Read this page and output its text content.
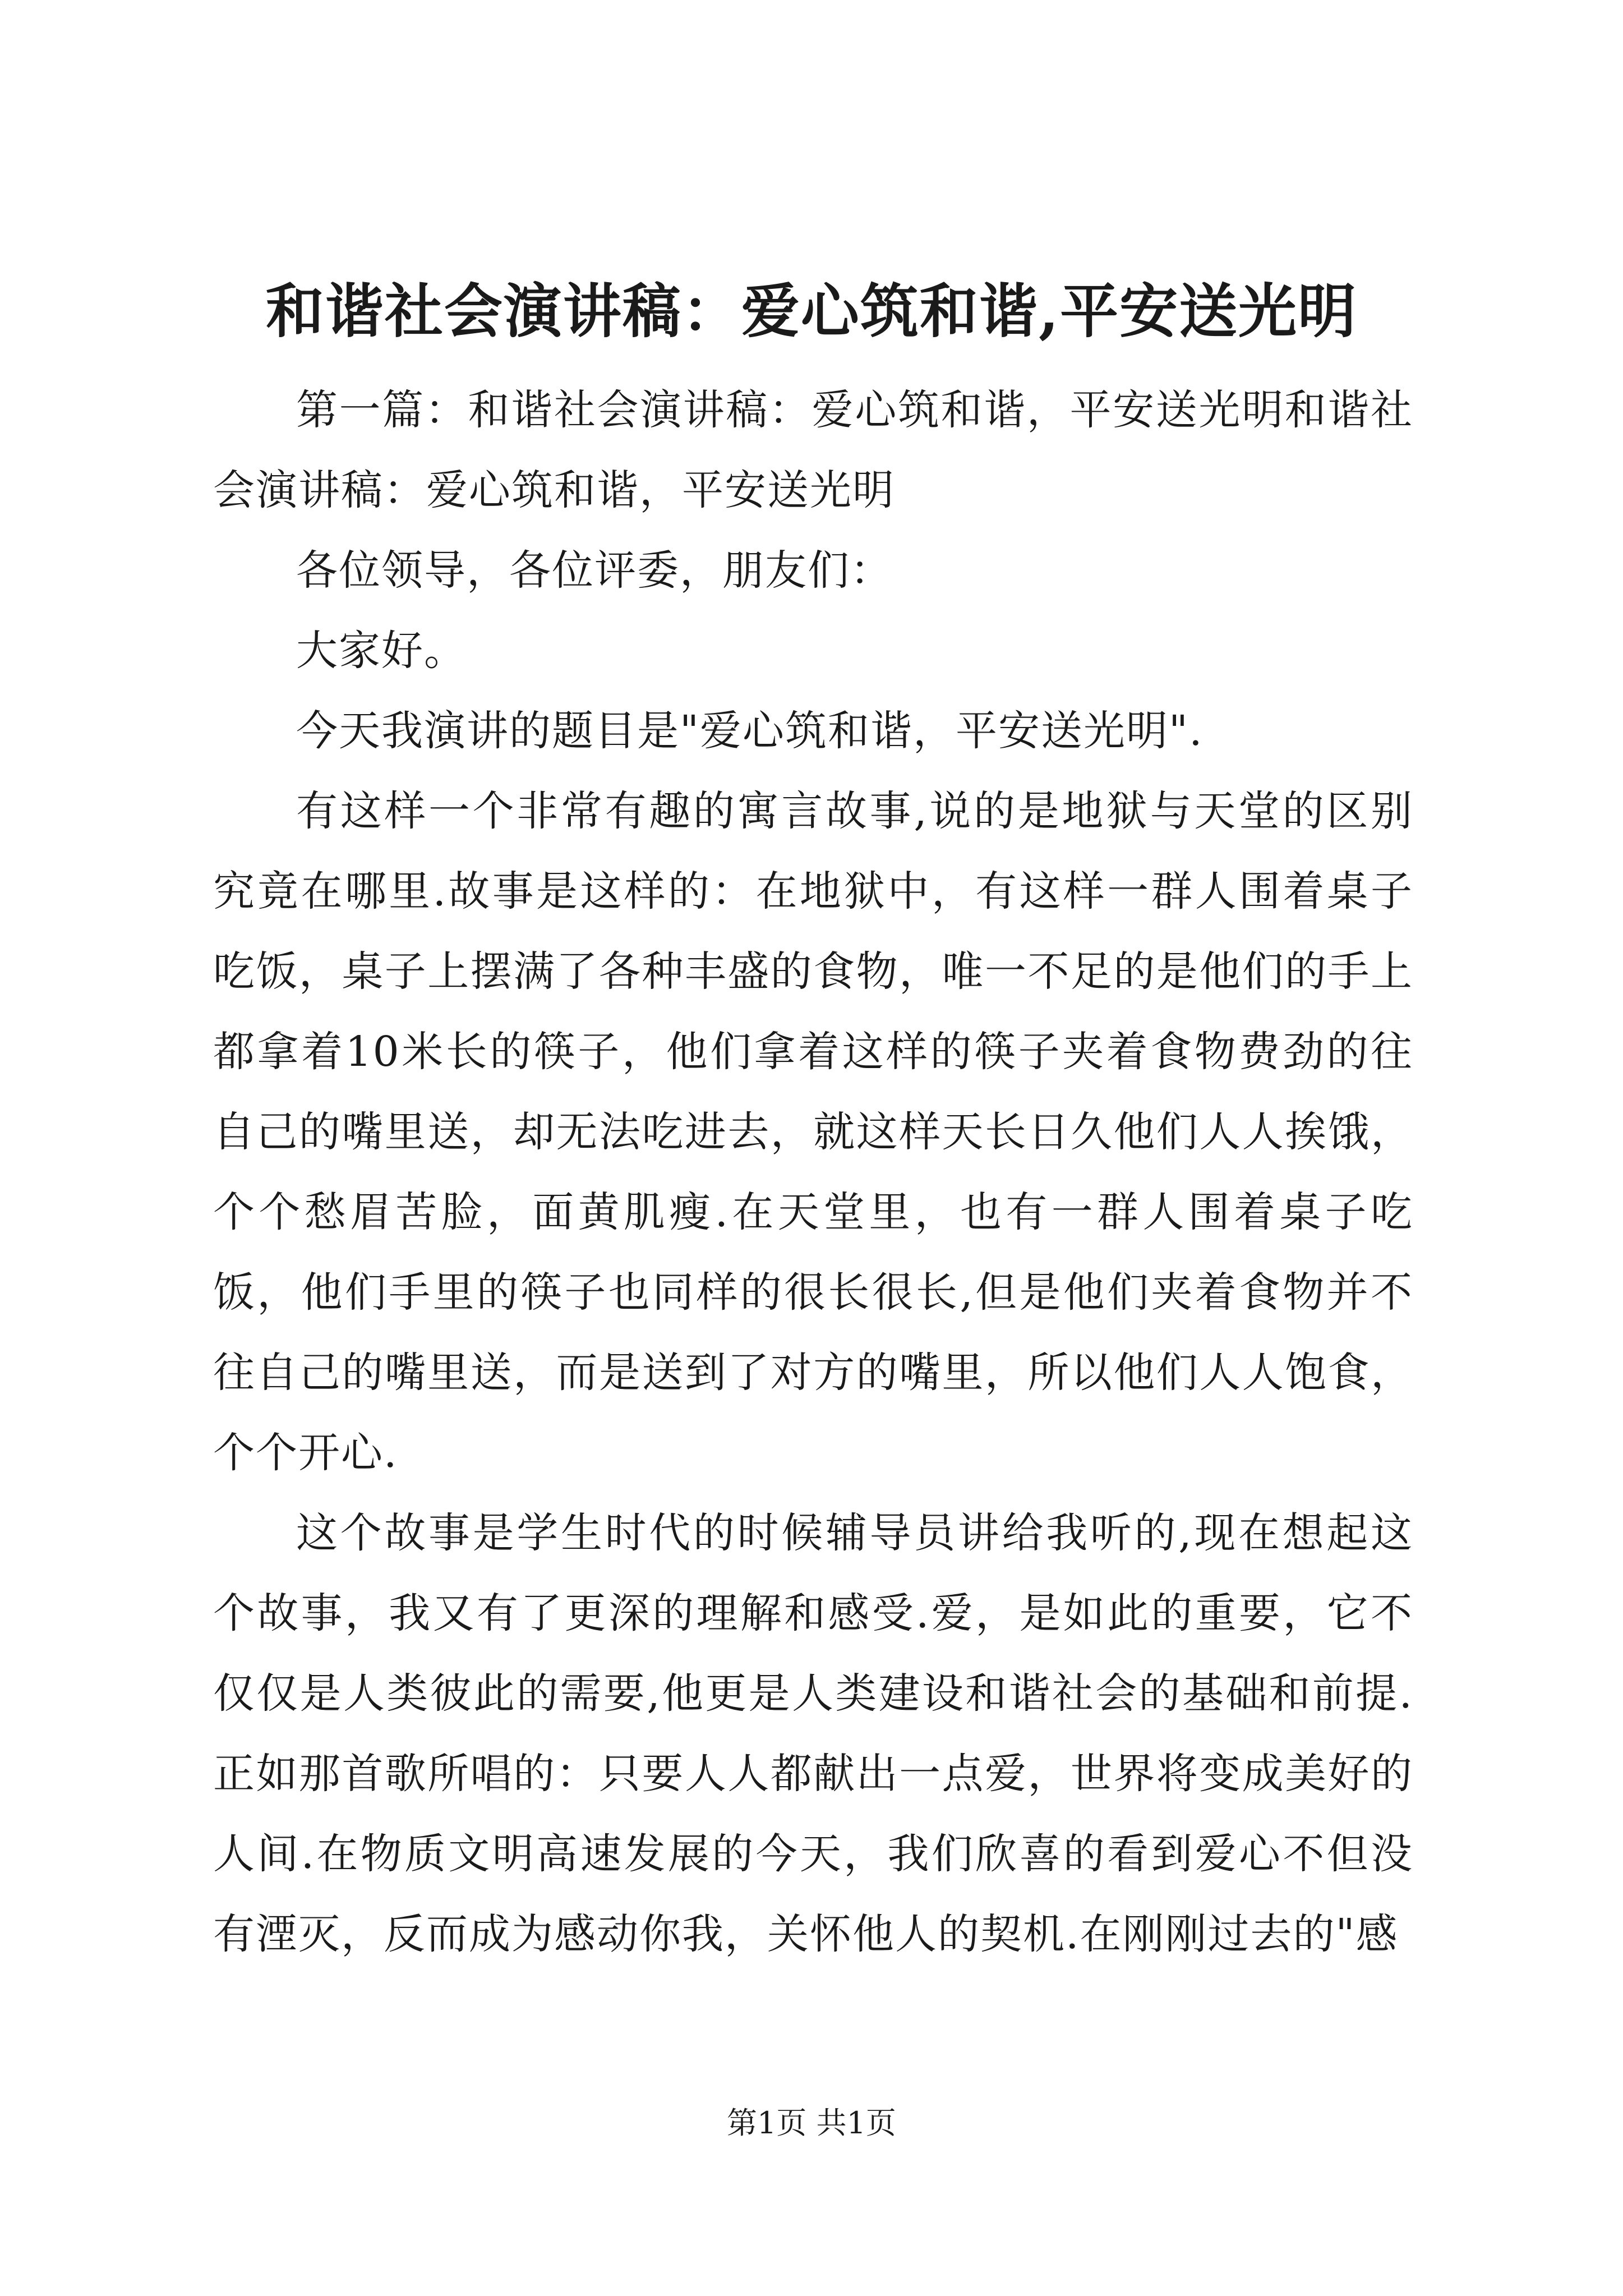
和谐社会演讲稿：爱心筑和谐,平安送光明

第一篇：和谐社会演讲稿：爱心筑和谐，平安送光明和谐社会演讲稿：爱心筑和谐，平安送光明

各位领导，各位评委，朋友们：

大家好。

今天我演讲的题目是"爱心筑和谐，平安送光明".

有这样一个非常有趣的寓言故事,说的是地狱与天堂的区别究竟在哪里.故事是这样的：在地狱中，有这样一群人围着桌子吃饭，桌子上摆满了各种丰盛的食物，唯一不足的是他们的手上都拿着10米长的筷子，他们拿着这样的筷子夹着食物费劲的往自己的嘴里送，却无法吃进去，就这样天长日久他们人人挨饿，个个愁眉苦脸，面黄肌瘦.在天堂里，也有一群人围着桌子吃饭，他们手里的筷子也同样的很长很长,但是他们夹着食物并不往自己的嘴里送，而是送到了对方的嘴里，所以他们人人饱食，个个开心.

这个故事是学生时代的时候辅导员讲给我听的,现在想起这个故事，我又有了更深的理解和感受.爱，是如此的重要，它不仅仅是人类彼此的需要,他更是人类建设和谐社会的基础和前提.正如那首歌所唱的：只要人人都献出一点爱，世界将变成美好的人间.在物质文明高速发展的今天，我们欣喜的看到爱心不但没有湮灭，反而成为感动你我，关怀他人的契机.在刚刚过去的"感

第1页 共1页
